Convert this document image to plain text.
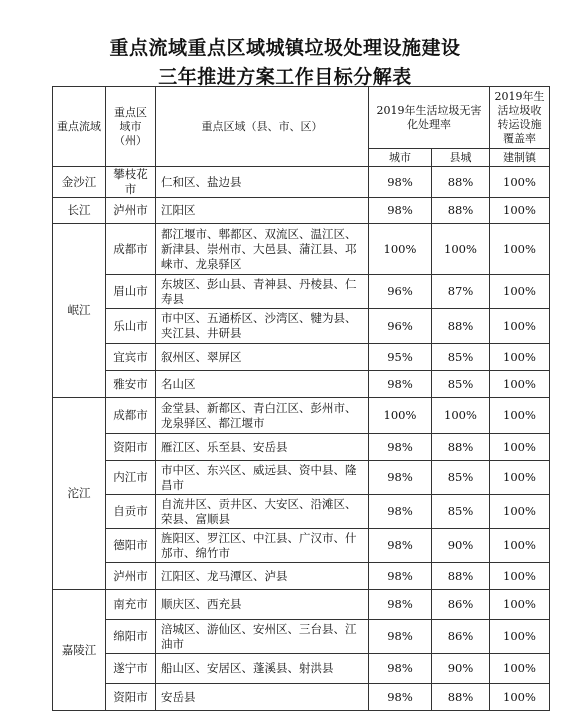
重点流域重点区域城镇垃圾处理设施建设
三年推进方案工作目标分解表
重点流域	重点区域市（州）	重点区域（县、市、区）	2019年生活垃圾无害化处理率		2019年生活垃圾收转运设施覆盖率
			城市	县城	建制镇
金沙江	攀枝花市	仁和区、盐边县	98%	88%	100%
长江	泸州市	江阳区	98%	88%	100%
岷江	成都市	都江堰市、郫都区、双流区、温江区、新津县、崇州市、大邑县、蒲江县、邛崃市、龙泉驿区	100%	100%	100%
	眉山市	东坡区、彭山县、青神县、丹棱县、仁寿县	96%	87%	100%
	乐山市	市中区、五通桥区、沙湾区、犍为县、夹江县、井研县	96%	88%	100%
	宜宾市	叙州区、翠屏区	95%	85%	100%
	雅安市	名山区	98%	85%	100%
沱江	成都市	金堂县、新都区、青白江区、彭州市、龙泉驿区、都江堰市	100%	100%	100%
	资阳市	雁江区、乐至县、安岳县	98%	88%	100%
	内江市	市中区、东兴区、威远县、资中县、隆昌市	98%	85%	100%
	自贡市	自流井区、贡井区、大安区、沿滩区、荣县、富顺县	98%	85%	100%
	德阳市	旌阳区、罗江区、中江县、广汉市、什邡市、绵竹市	98%	90%	100%
	泸州市	江阳区、龙马潭区、泸县	98%	88%	100%
嘉陵江	南充市	顺庆区、西充县	98%	86%	100%
	绵阳市	涪城区、游仙区、安州区、三台县、江油市	98%	86%	100%
	遂宁市	船山区、安居区、蓬溪县、射洪县	98%	90%	100%
	资阳市	安岳县	98%	88%	100%
